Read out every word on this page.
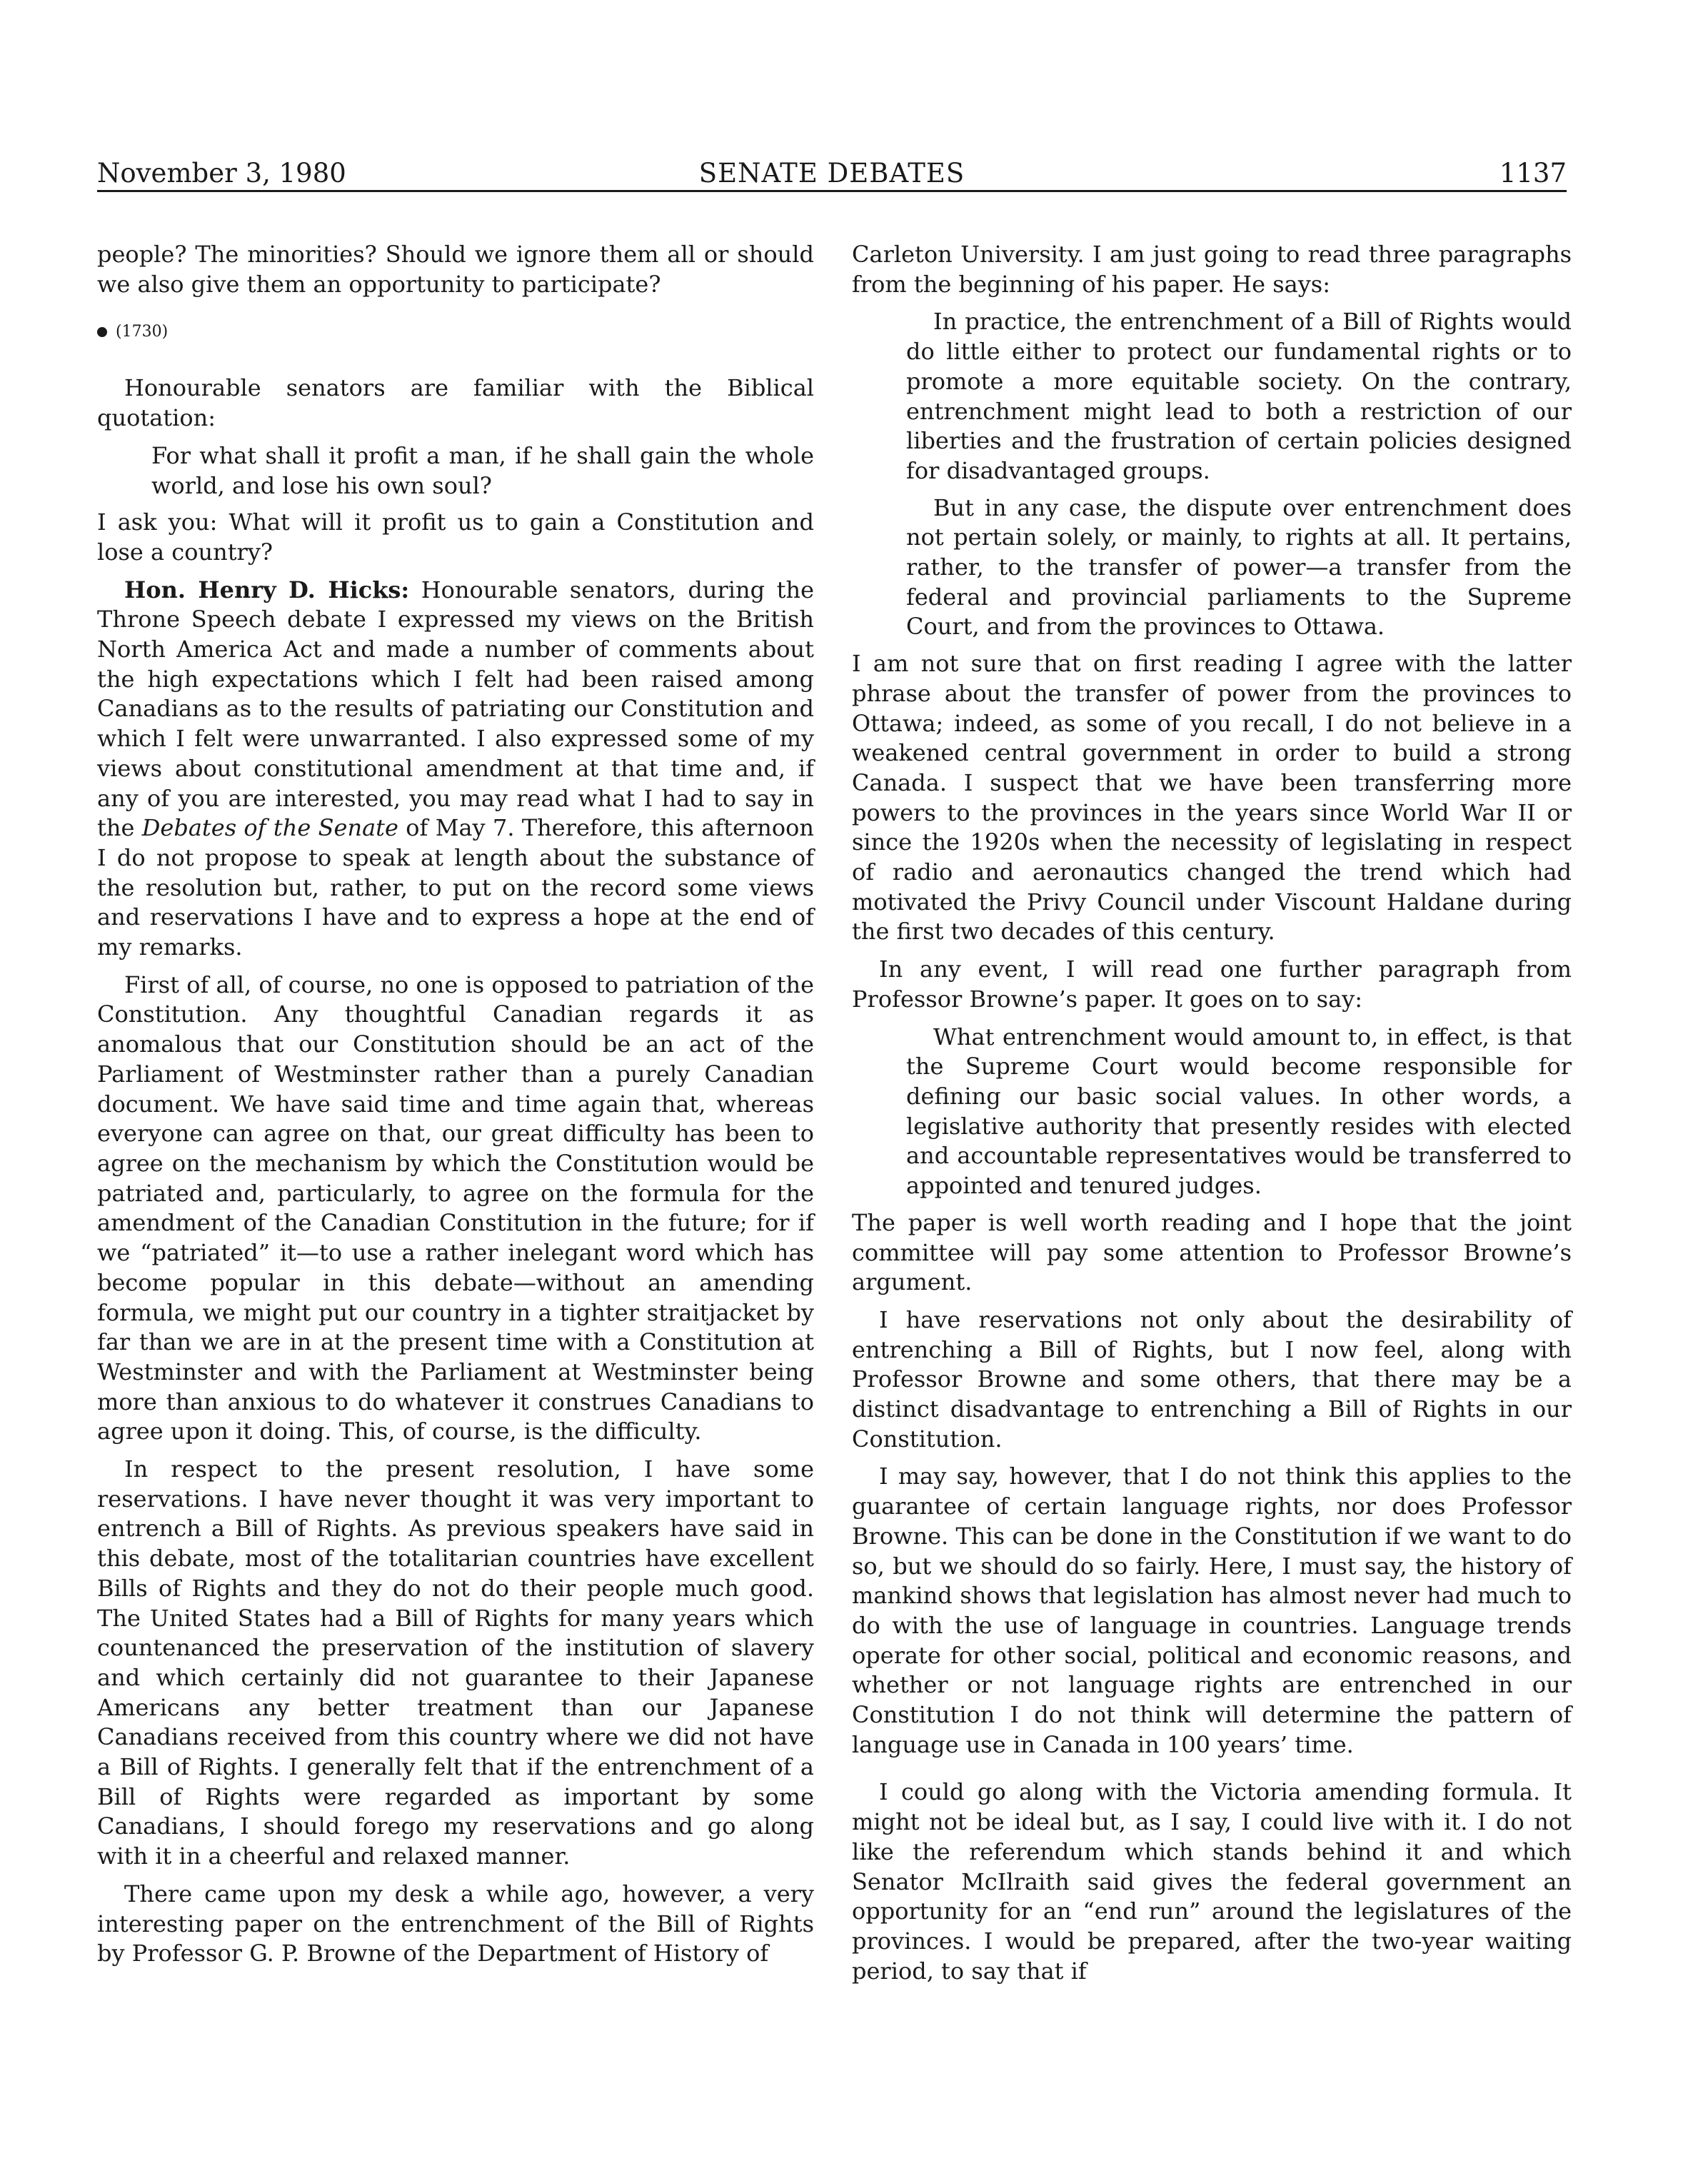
November 3, 1980	SENATE DEBATES	1137

people? The minorities? Should we ignore them all or should we also give them an opportunity to participate?

(1730)

Honourable senators are familiar with the Biblical quotation:

For what shall it profit a man, if he shall gain the whole world, and lose his own soul?

I ask you: What will it profit us to gain a Constitution and lose a country?

Hon. Henry D. Hicks: Honourable senators, during the Throne Speech debate I expressed my views on the British North America Act and made a number of comments about the high expectations which I felt had been raised among Canadians as to the results of patriating our Constitution and which I felt were unwarranted. I also expressed some of my views about constitutional amendment at that time and, if any of you are interested, you may read what I had to say in the Debates of the Senate of May 7. Therefore, this afternoon I do not propose to speak at length about the substance of the resolution but, rather, to put on the record some views and reservations I have and to express a hope at the end of my remarks.

First of all, of course, no one is opposed to patriation of the Constitution. Any thoughtful Canadian regards it as anomalous that our Constitution should be an act of the Parliament of Westminster rather than a purely Canadian document. We have said time and time again that, whereas everyone can agree on that, our great difficulty has been to agree on the mechanism by which the Constitution would be patriated and, particularly, to agree on the formula for the amendment of the Canadian Constitution in the future; for if we “patriated” it—to use a rather inelegant word which has become popular in this debate—without an amending formula, we might put our country in a tighter straitjacket by far than we are in at the present time with a Constitution at Westminster and with the Parliament at Westminster being more than anxious to do whatever it construes Canadians to agree upon it doing. This, of course, is the difficulty.

In respect to the present resolution, I have some reservations. I have never thought it was very important to entrench a Bill of Rights. As previous speakers have said in this debate, most of the totalitarian countries have excellent Bills of Rights and they do not do their people much good. The United States had a Bill of Rights for many years which countenanced the preservation of the institution of slavery and which certainly did not guarantee to their Japanese Americans any better treatment than our Japanese Canadians received from this country where we did not have a Bill of Rights. I generally felt that if the entrenchment of a Bill of Rights were regarded as important by some Canadians, I should forego my reservations and go along with it in a cheerful and relaxed manner.

There came upon my desk a while ago, however, a very interesting paper on the entrenchment of the Bill of Rights by Professor G. P. Browne of the Department of History of

Carleton University. I am just going to read three paragraphs from the beginning of his paper. He says:

In practice, the entrenchment of a Bill of Rights would do little either to protect our fundamental rights or to promote a more equitable society. On the contrary, entrenchment might lead to both a restriction of our liberties and the frustration of certain policies designed for disadvantaged groups.

But in any case, the dispute over entrenchment does not pertain solely, or mainly, to rights at all. It pertains, rather, to the transfer of power—a transfer from the federal and provincial parliaments to the Supreme Court, and from the provinces to Ottawa.

I am not sure that on first reading I agree with the latter phrase about the transfer of power from the provinces to Ottawa; indeed, as some of you recall, I do not believe in a weakened central government in order to build a strong Canada. I suspect that we have been transferring more powers to the provinces in the years since World War II or since the 1920s when the necessity of legislating in respect of radio and aeronautics changed the trend which had motivated the Privy Council under Viscount Haldane during the first two decades of this century.

In any event, I will read one further paragraph from Professor Browne’s paper. It goes on to say:

What entrenchment would amount to, in effect, is that the Supreme Court would become responsible for defining our basic social values. In other words, a legislative authority that presently resides with elected and accountable representatives would be transferred to appointed and tenured judges.

The paper is well worth reading and I hope that the joint committee will pay some attention to Professor Browne’s argument.

I have reservations not only about the desirability of entrenching a Bill of Rights, but I now feel, along with Professor Browne and some others, that there may be a distinct disadvantage to entrenching a Bill of Rights in our Constitution.

I may say, however, that I do not think this applies to the guarantee of certain language rights, nor does Professor Browne. This can be done in the Constitution if we want to do so, but we should do so fairly. Here, I must say, the history of mankind shows that legislation has almost never had much to do with the use of language in countries. Language trends operate for other social, political and economic reasons, and whether or not language rights are entrenched in our Constitution I do not think will determine the pattern of language use in Canada in 100 years’ time.

I could go along with the Victoria amending formula. It might not be ideal but, as I say, I could live with it. I do not like the referendum which stands behind it and which Senator McIlraith said gives the federal government an opportunity for an “end run” around the legislatures of the provinces. I would be prepared, after the two-year waiting period, to say that if
